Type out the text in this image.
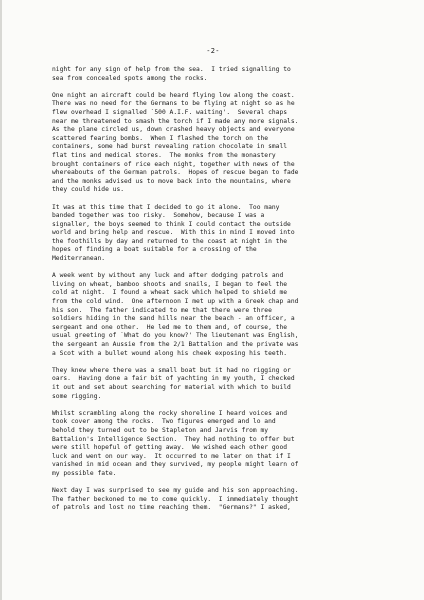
-2-
night for any sign of help from the sea.  I tried signalling to
sea from concealed spots among the rocks.
One night an aircraft could be heard flying low along the coast.
There was no need for the Germans to be flying at night so as he
flew overhead I signalled `500 A.I.F. waiting'.  Several chaps
near me threatened to smash the torch if I made any more signals.
As the plane circled us, down crashed heavy objects and everyone
scattered fearing bombs.  When I flashed the torch on the
containers, some had burst revealing ration chocolate in small
flat tins and medical stores.  The monks from the monastery
brought containers of rice each night, together with news of the
whereabouts of the German patrols.  Hopes of rescue began to fade
and the monks advised us to move back into the mountains, where
they could hide us.
It was at this time that I decided to go it alone.  Too many
banded together was too risky.  Somehow, because I was a
signaller, the boys seemed to think I could contact the outside
world and bring help and rescue.  With this in mind I moved into
the foothills by day and returned to the coast at night in the
hopes of finding a boat suitable for a crossing of the
Mediterranean.
A week went by without any luck and after dodging patrols and
living on wheat, bamboo shoots and snails, I began to feel the
cold at night.  I found a wheat sack which helped to shield me
from the cold wind.  One afternoon I met up with a Greek chap and
his son.  The father indicated to me that there were three
soldiers hiding in the sand hills near the beach - an officer, a
sergeant and one other.  He led me to them and, of course, the
usual greeting of `What do you know?' The lieutenant was English,
the sergeant an Aussie from the 2/1 Battalion and the private was
a Scot with a bullet wound along his cheek exposing his teeth.
They knew where there was a small boat but it had no rigging or
oars.  Having done a fair bit of yachting in my youth, I checked
it out and set about searching for material with which to build
some rigging.
Whilst scrambling along the rocky shoreline I heard voices and
took cover among the rocks.  Two figures emerged and lo and
behold they turned out to be Stapleton and Jarvis from my
Battalion's Intelligence Section.  They had nothing to offer but
were still hopeful of getting away.  We wished each other good
luck and went on our way.  It occurred to me later on that if I
vanished in mid ocean and they survived, my people might learn of
my possible fate.
Next day I was surprised to see my guide and his son approaching.
The father beckoned to me to come quickly.  I immediately thought
of patrols and lost no time reaching them.  "Germans?" I asked,
